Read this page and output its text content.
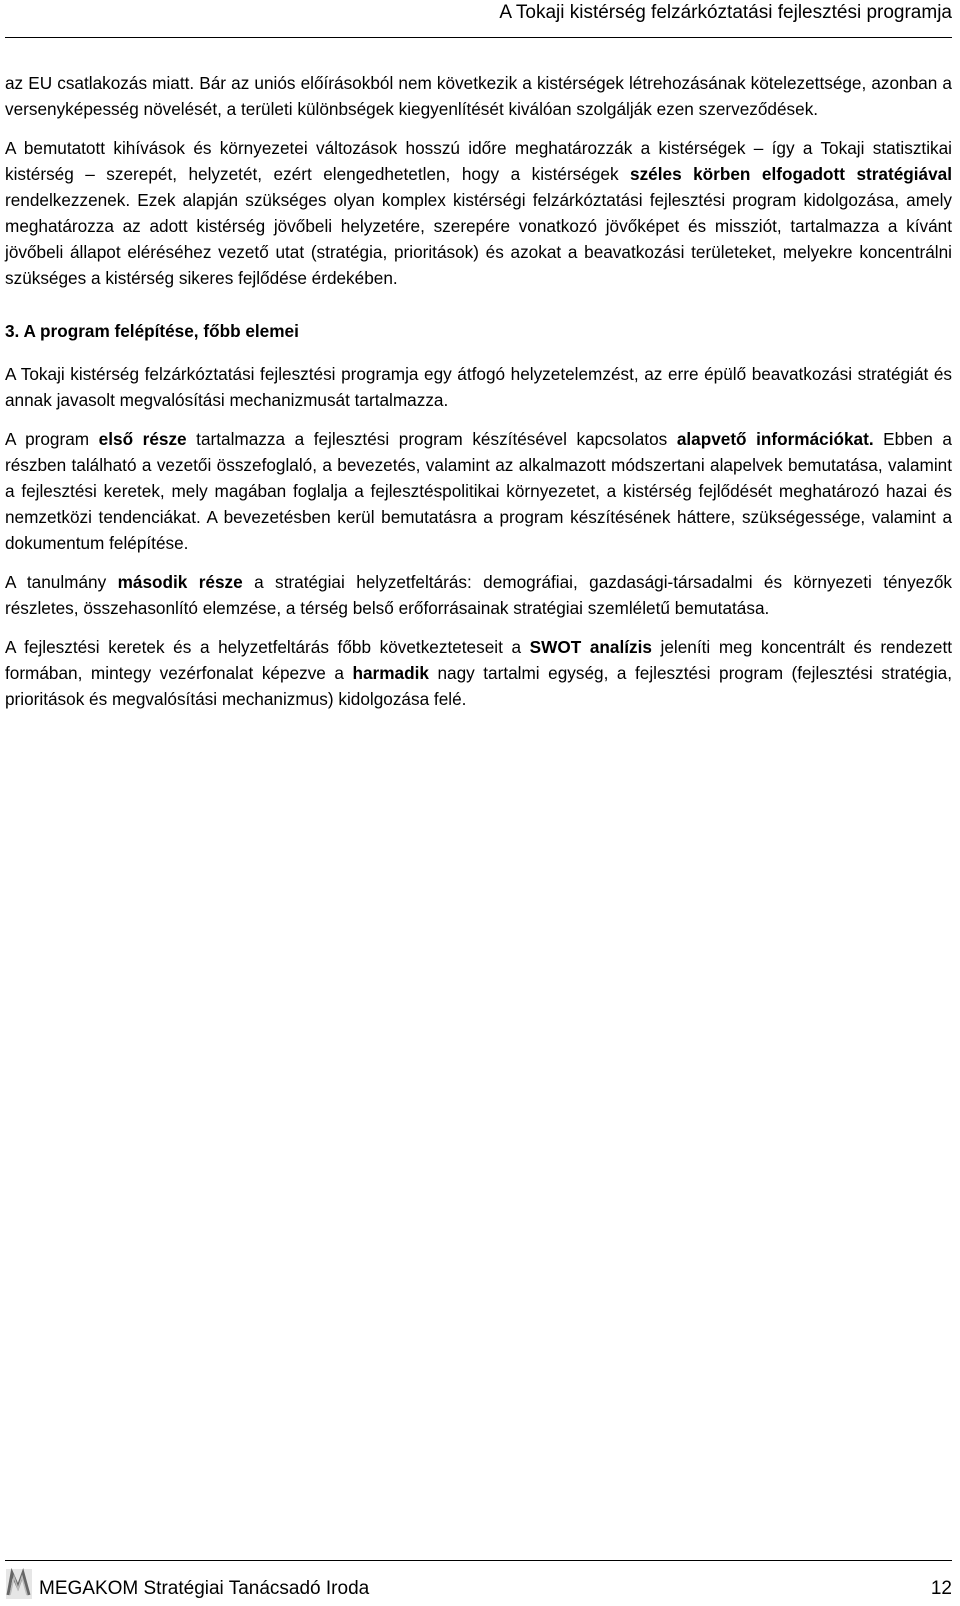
A Tokaji kistérség felzárkóztatási fejlesztési programja

az EU csatlakozás miatt. Bár az uniós előírásokból nem következik a kistérségek létrehozásának kötelezettsége, azonban a versenyképesség növelését, a területi különbségek kiegyenlítését kiválóan szolgálják ezen szerveződések.

A bemutatott kihívások és környezetei változások hosszú időre meghatározzák a kistérségek – így a Tokaji statisztikai kistérség – szerepét, helyzetét, ezért elengedhetetlen, hogy a kistérségek széles körben elfogadott stratégiával rendelkezzenek. Ezek alapján szükséges olyan komplex kistérségi felzárkóztatási fejlesztési program kidolgozása, amely meghatározza az adott kistérség jövőbeli helyzetére, szerepére vonatkozó jövőképet és missziót, tartalmazza a kívánt jövőbeli állapot eléréséhez vezető utat (stratégia, prioritások) és azokat a beavatkozási területeket, melyekre koncentrálni szükséges a kistérség sikeres fejlődése érdekében.

3. A program felépítése, főbb elemei

A Tokaji kistérség felzárkóztatási fejlesztési programja egy átfogó helyzetelemzést, az erre épülő beavatkozási stratégiát és annak javasolt megvalósítási mechanizmusát tartalmazza.

A program első része tartalmazza a fejlesztési program készítésével kapcsolatos alapvető információkat. Ebben a részben található a vezetői összefoglaló, a bevezetés, valamint az alkalmazott módszertani alapelvek bemutatása, valamint a fejlesztési keretek, mely magában foglalja a fejlesztéspolitikai környezetet, a kistérség fejlődését meghatározó hazai és nemzetközi tendenciákat. A bevezetésben kerül bemutatásra a program készítésének háttere, szükségessége, valamint a dokumentum felépítése.

A tanulmány második része a stratégiai helyzetfeltárás: demográfiai, gazdasági-társadalmi és környezeti tényezők részletes, összehasonlító elemzése, a térség belső erőforrásainak stratégiai szemléletű bemutatása.

A fejlesztési keretek és a helyzetfeltárás főbb következteteseit a SWOT analízis jeleníti meg koncentrált és rendezett formában, mintegy vezérfonalat képezve a harmadik nagy tartalmi egység, a fejlesztési program (fejlesztési stratégia, prioritások és megvalósítási mechanizmus) kidolgozása felé.

MEGAKOM Stratégiai Tanácsadó Iroda	12
